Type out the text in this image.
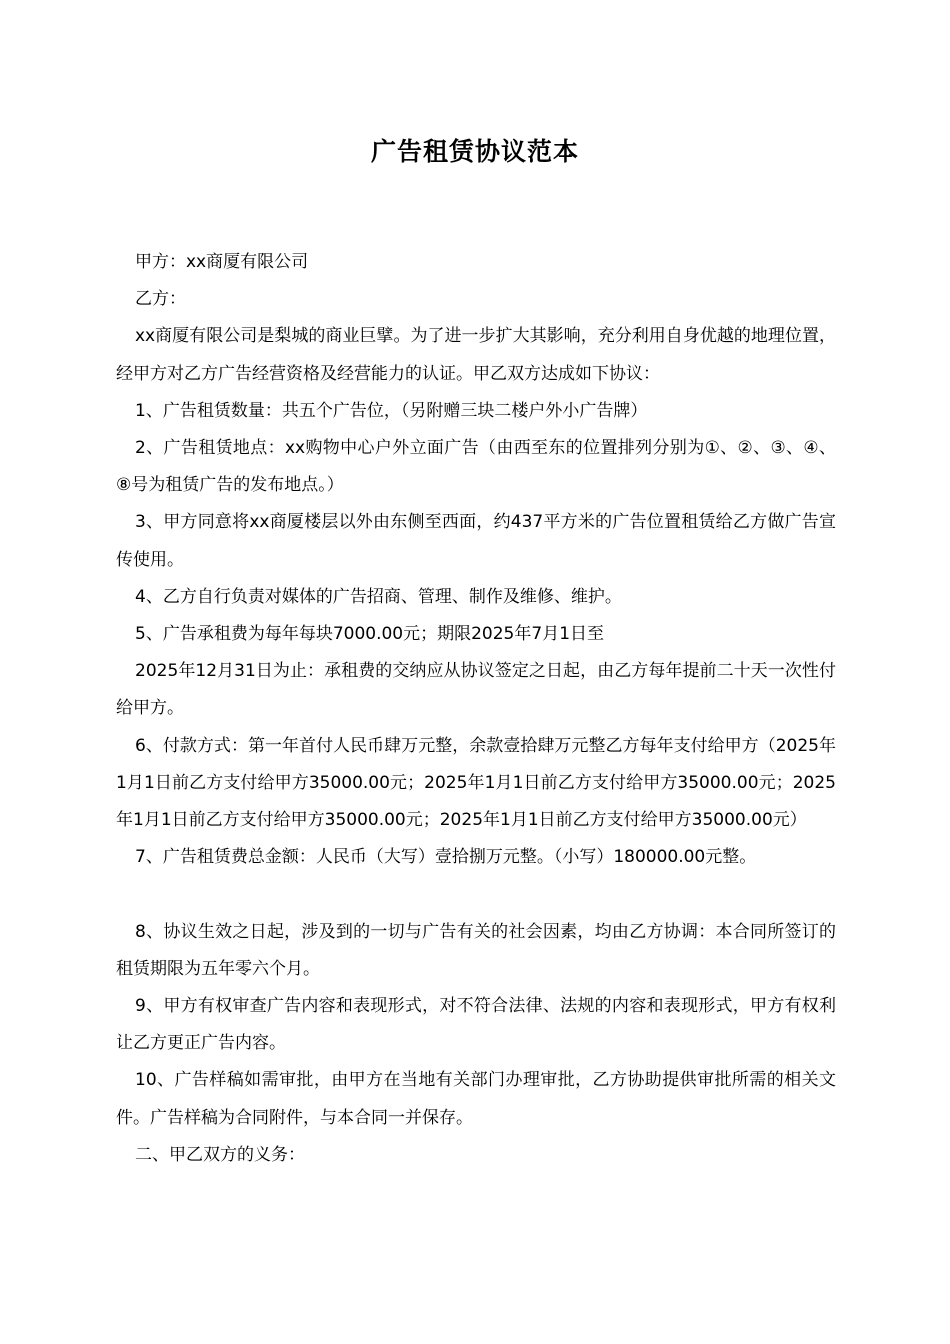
广告租赁协议范本

甲方：xx商厦有限公司

乙方：

xx商厦有限公司是梨城的商业巨擘。为了进一步扩大其影响，充分利用自身优越的地理位置，经甲方对乙方广告经营资格及经营能力的认证。甲乙双方达成如下协议：

1、广告租赁数量：共五个广告位，（另附赠三块二楼户外小广告牌）

2、广告租赁地点：xx购物中心户外立面广告（由西至东的位置排列分别为①、②、③、④、⑧号为租赁广告的发布地点。）

3、甲方同意将xx商厦楼层以外由东侧至西面，约437平方米的广告位置租赁给乙方做广告宣传使用。

4、乙方自行负责对媒体的广告招商、管理、制作及维修、维护。

5、广告承租费为每年每块7000.00元；期限2025年7月1日至

2025年12月31日为止：承租费的交纳应从协议签定之日起，由乙方每年提前二十天一次性付给甲方。

6、付款方式：第一年首付人民币肆万元整，余款壹拾肆万元整乙方每年支付给甲方（2025年1月1日前乙方支付给甲方35000.00元；2025年1月1日前乙方支付给甲方35000.00元；2025年1月1日前乙方支付给甲方35000.00元；2025年1月1日前乙方支付给甲方35000.00元）

7、广告租赁费总金额：人民币（大写）壹拾捌万元整。（小写）180000.00元整。

8、协议生效之日起，涉及到的一切与广告有关的社会因素，均由乙方协调：本合同所签订的租赁期限为五年零六个月。

9、甲方有权审查广告内容和表现形式，对不符合法律、法规的内容和表现形式，甲方有权利让乙方更正广告内容。

10、广告样稿如需审批，由甲方在当地有关部门办理审批，乙方协助提供审批所需的相关文件。广告样稿为合同附件，与本合同一并保存。

二、甲乙双方的义务：
